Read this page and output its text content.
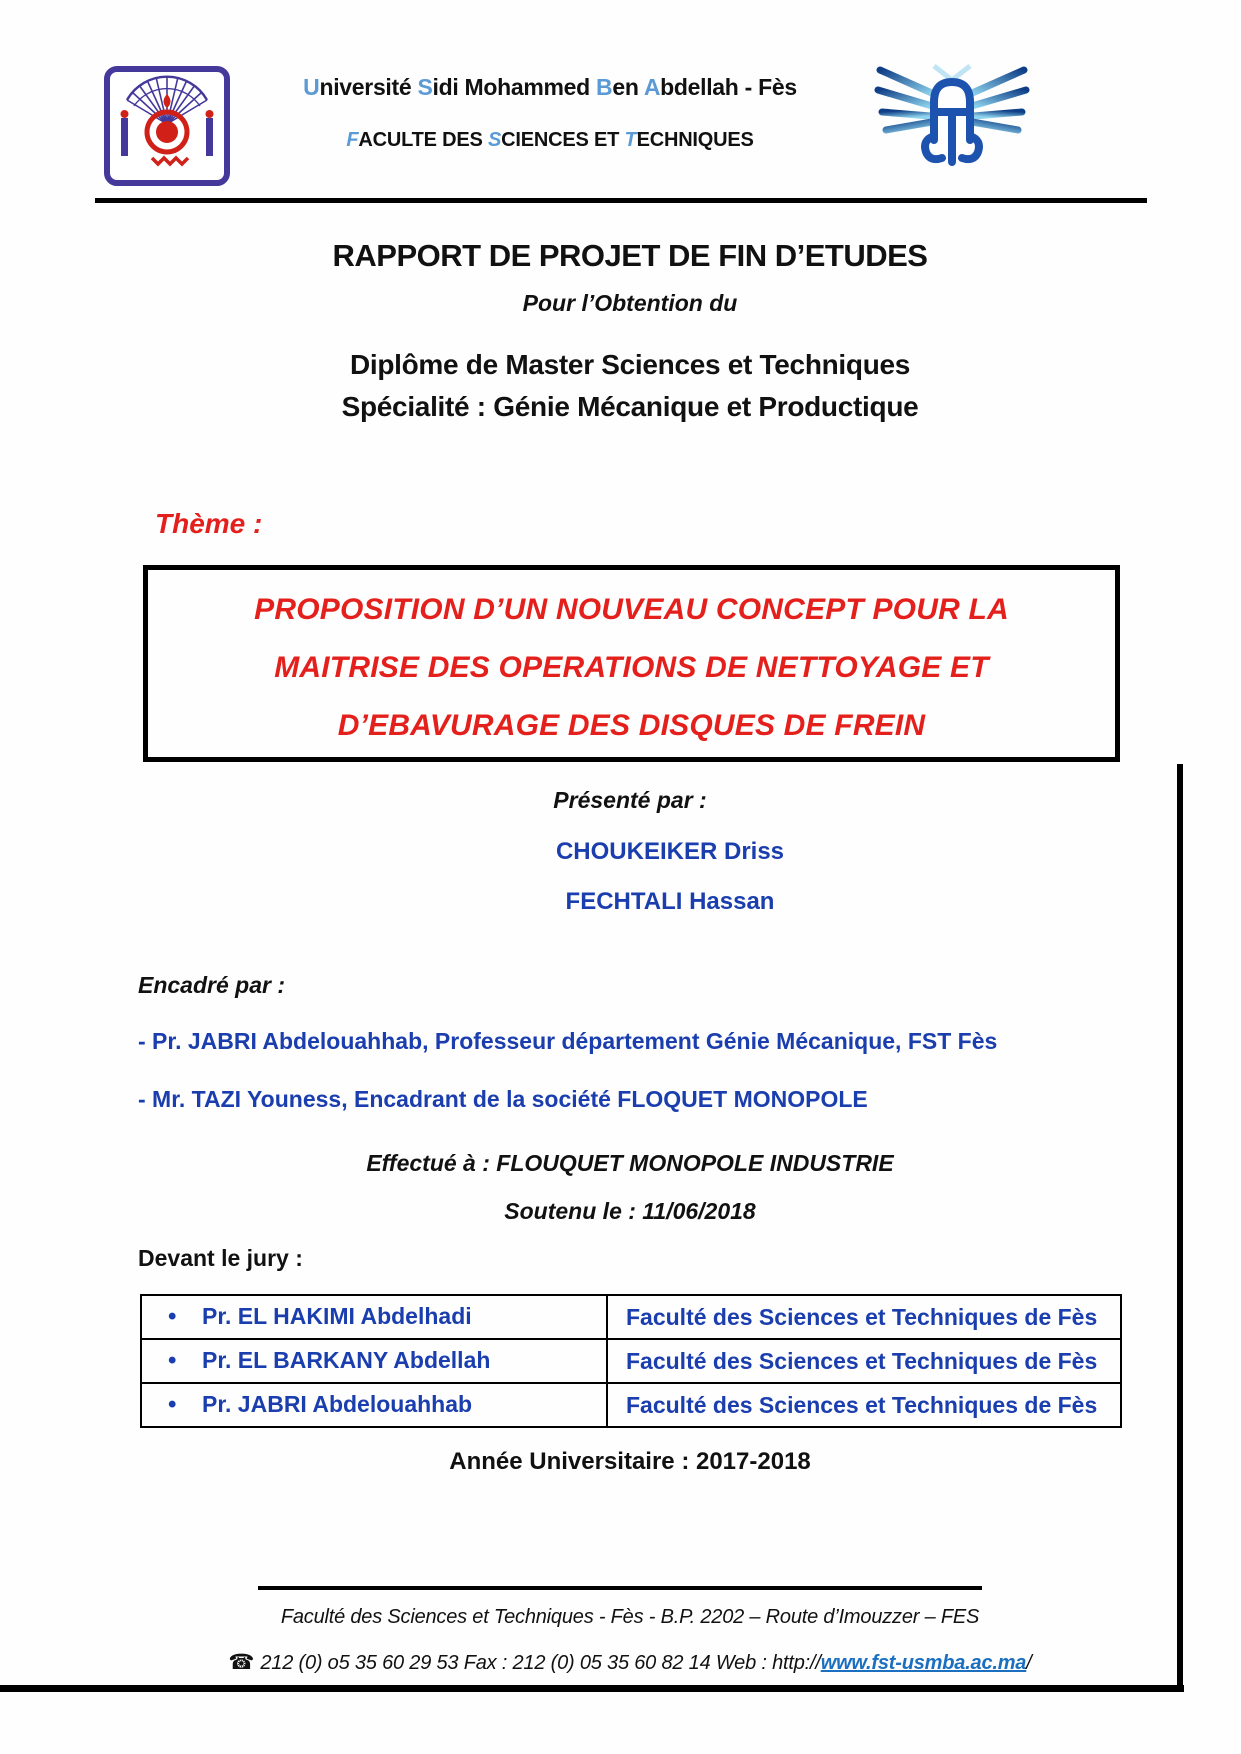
Université Sidi Mohammed Ben Abdellah - Fès
FACULTE DES SCIENCES ET TECHNIQUES
RAPPORT DE PROJET DE FIN D’ETUDES
Pour l’Obtention du
Diplôme de Master Sciences et Techniques
Spécialité : Génie Mécanique et Productique
Thème :
PROPOSITION D’UN NOUVEAU CONCEPT POUR LA
MAITRISE DES OPERATIONS DE NETTOYAGE ET
D’EBAVURAGE DES DISQUES DE FREIN
Présenté par :
CHOUKEIKER Driss
FECHTALI Hassan
Encadré par :
- Pr. JABRI Abdelouahhab, Professeur département Génie Mécanique, FST Fès
- Mr. TAZI Youness, Encadrant de la société FLOQUET MONOPOLE
Effectué à : FLOUQUET MONOPOLE INDUSTRIE
Soutenu le : 11/06/2018
Devant le jury :
• Pr. EL HAKIMI Abdelhadi	Faculté des Sciences et Techniques de Fès
• Pr. EL BARKANY Abdellah	Faculté des Sciences et Techniques de Fès
• Pr. JABRI Abdelouahhab	Faculté des Sciences et Techniques de Fès
Année Universitaire : 2017-2018
Faculté des Sciences et Techniques - Fès - B.P. 2202 – Route d’Imouzzer – FES
☎ 212 (0) o5 35 60 29 53 Fax : 212 (0) 05 35 60 82 14 Web : http://www.fst-usmba.ac.ma/
